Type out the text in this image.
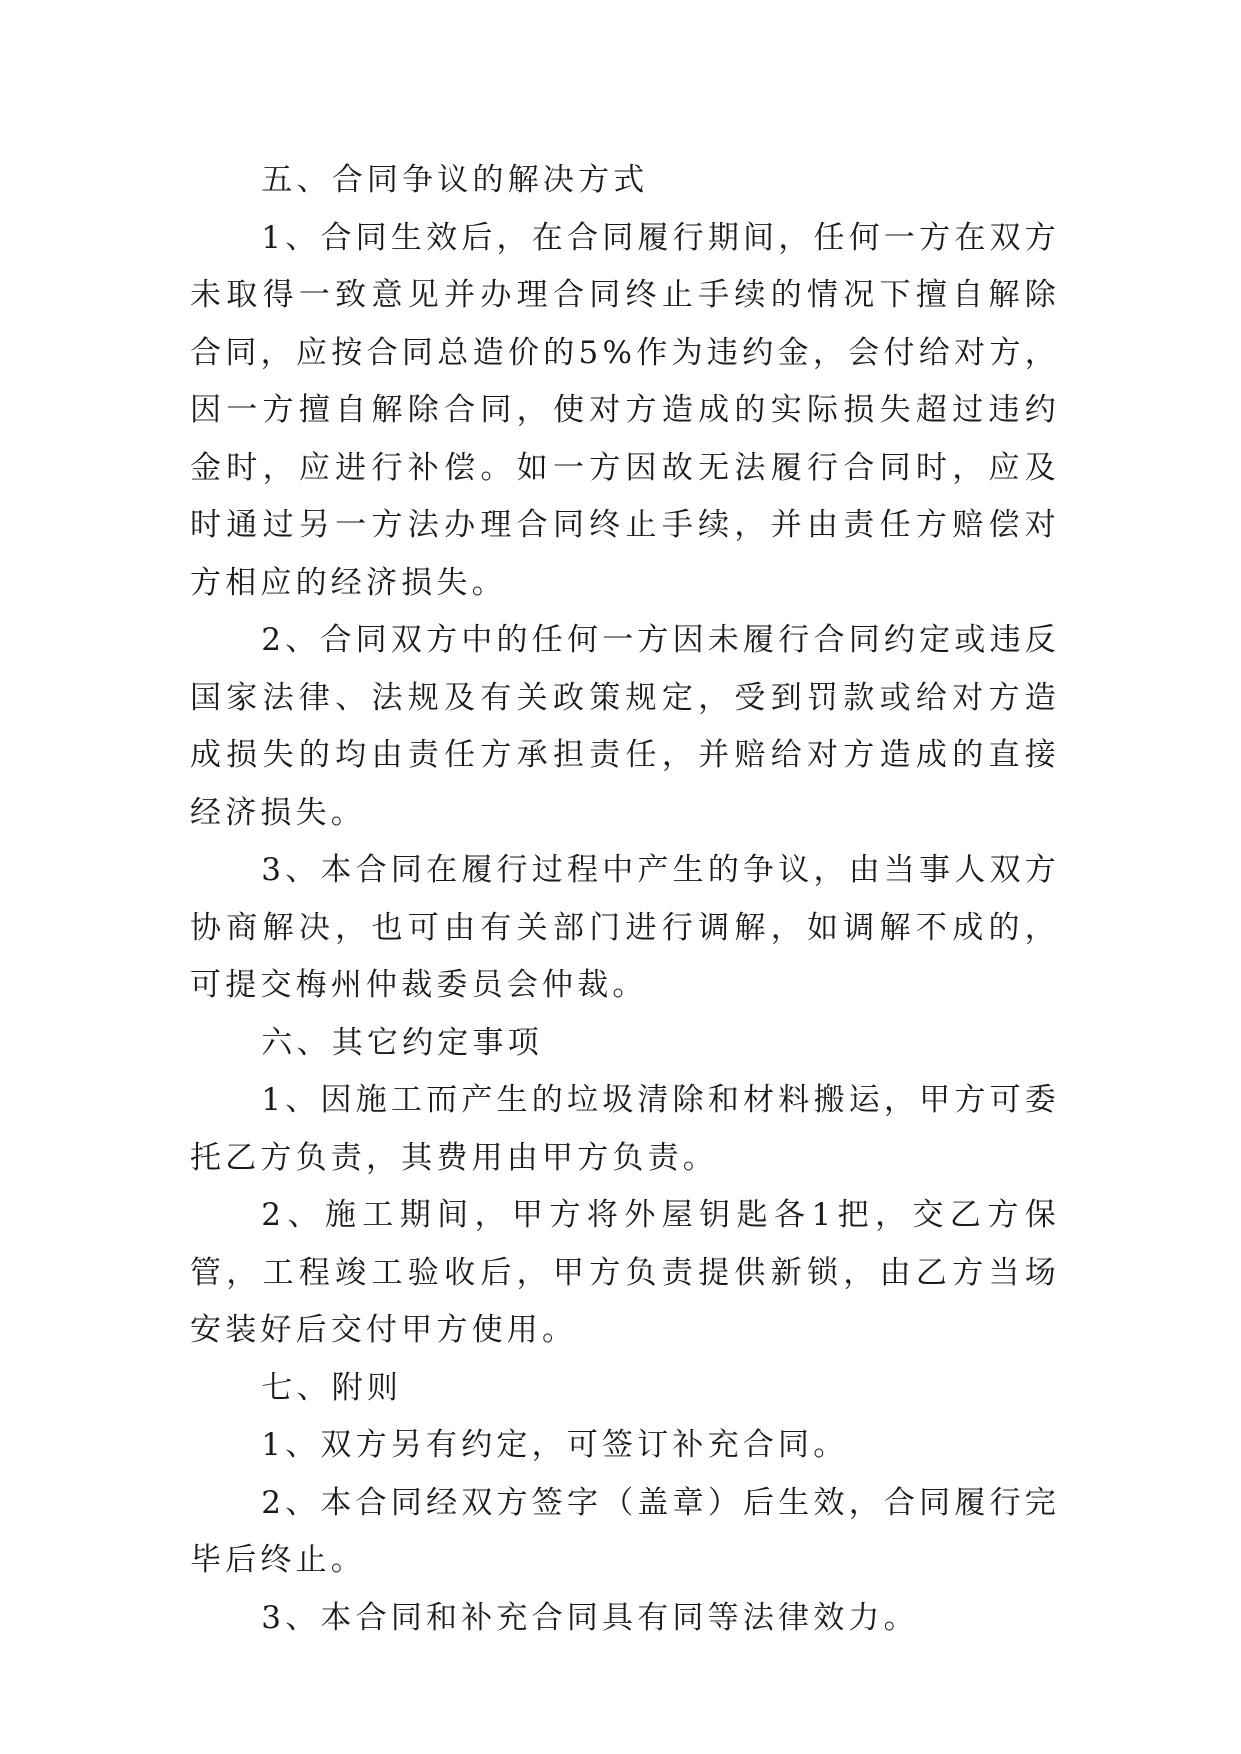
五、合同争议的解决方式

1、合同生效后，在合同履行期间，任何一方在双方未取得一致意见并办理合同终止手续的情况下擅自解除合同，应按合同总造价的5%作为违约金，会付给对方，因一方擅自解除合同，使对方造成的实际损失超过违约金时，应进行补偿。如一方因故无法履行合同时，应及时通过另一方法办理合同终止手续，并由责任方赔偿对方相应的经济损失。

2、合同双方中的任何一方因未履行合同约定或违反国家法律、法规及有关政策规定，受到罚款或给对方造成损失的均由责任方承担责任，并赔给对方造成的直接经济损失。

3、本合同在履行过程中产生的争议，由当事人双方协商解决，也可由有关部门进行调解，如调解不成的，可提交梅州仲裁委员会仲裁。

六、其它约定事项

1、因施工而产生的垃圾清除和材料搬运，甲方可委托乙方负责，其费用由甲方负责。

2、施工期间，甲方将外屋钥匙各1把，交乙方保管，工程竣工验收后，甲方负责提供新锁，由乙方当场安装好后交付甲方使用。

七、附则

1、双方另有约定，可签订补充合同。

2、本合同经双方签字（盖章）后生效，合同履行完毕后终止。

3、本合同和补充合同具有同等法律效力。
